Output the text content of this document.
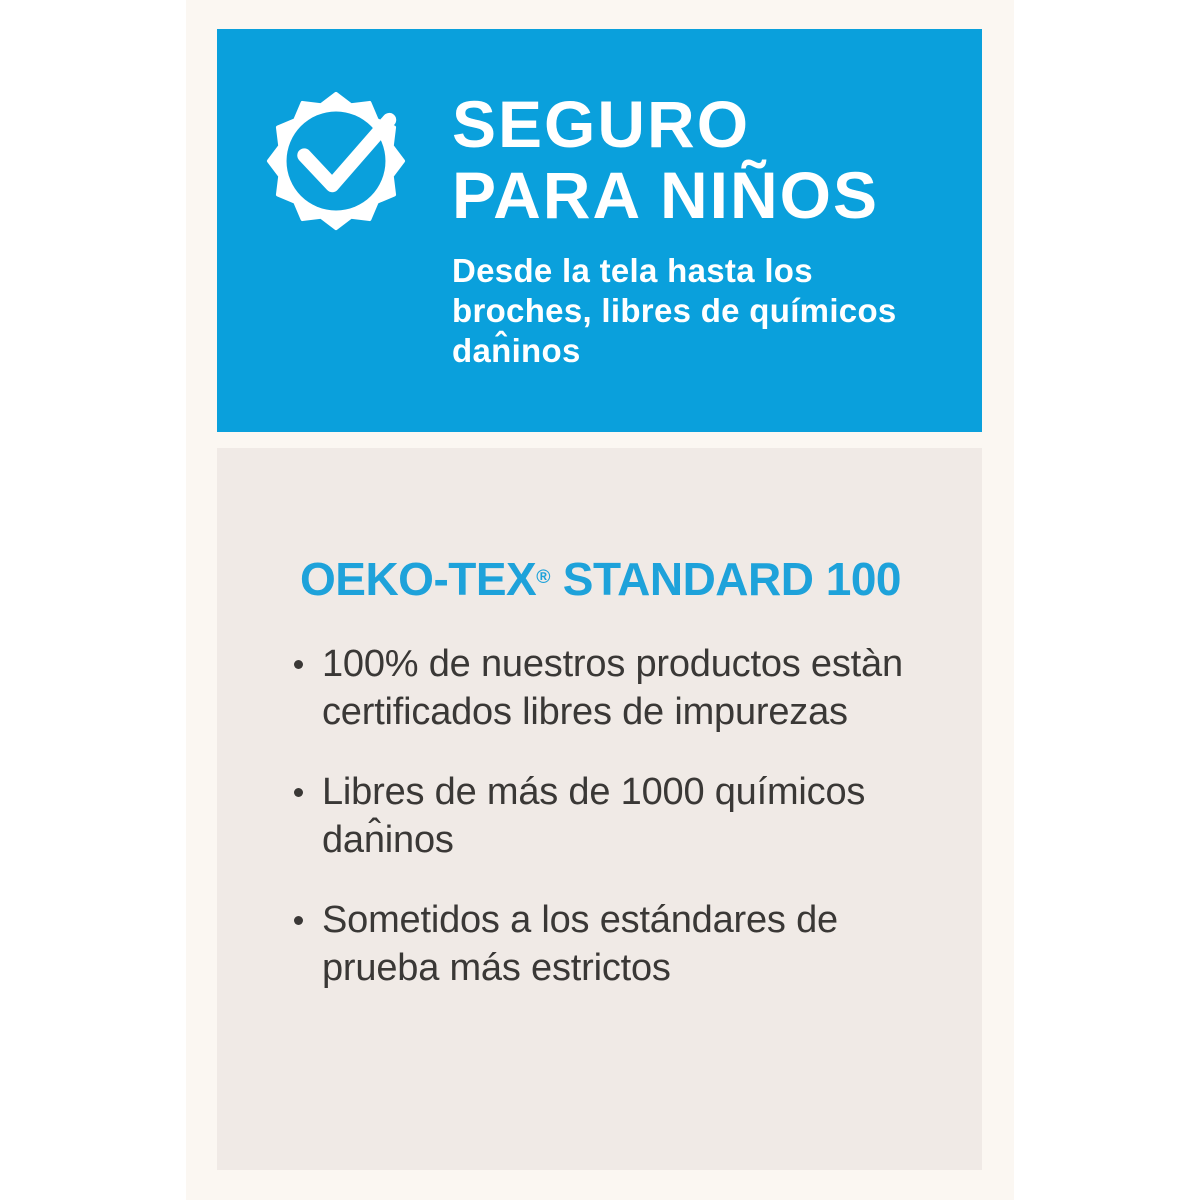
SEGURO
PARA NIÑOS

Desde la tela hasta los
broches, libres de químicos
dan̂inos

OEKO-TEX® STANDARD 100
100% de nuestros productos estàn
certificados libres de impurezas
Libres de más de 1000 químicos
dan̂inos
Sometidos a los estándares de
prueba más estrictos
